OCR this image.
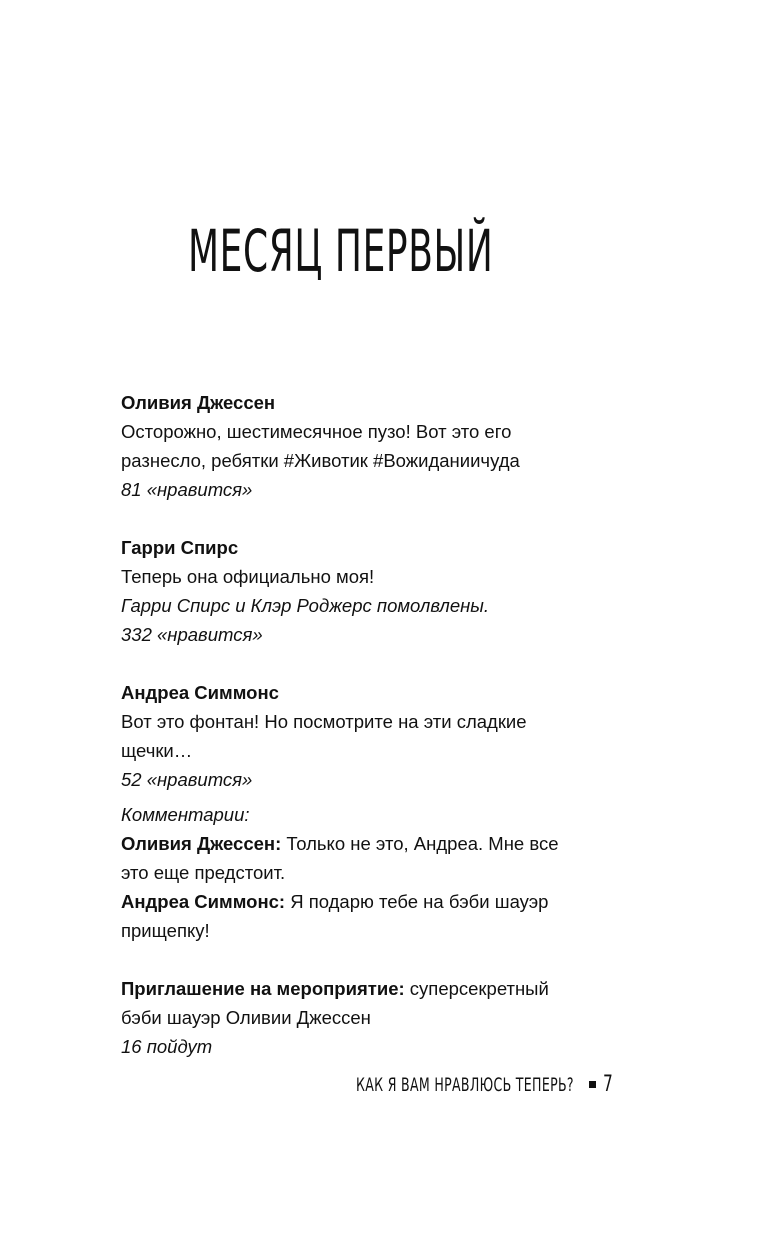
МЕСЯЦ ПЕРВЫЙ
Оливия Джессен
Осторожно, шестимесячное пузо! Вот это его
разнесло, ребятки #Животик #Вожиданиичуда
81 «нравится»
Гарри Спирс
Теперь она официально моя!
Гарри Спирс и Клэр Роджерс помолвлены.
332 «нравится»
Андреа Симмонс
Вот это фонтан! Но посмотрите на эти сладкие
щечки…
52 «нравится»
Комментарии:
Оливия Джессен: Только не это, Андреа. Мне все
это еще предстоит.
Андреа Симмонс: Я подарю тебе на бэби шауэр
прищепку!
Приглашение на мероприятие: суперсекретный
бэби шауэр Оливии Джессен
16 пойдут
КАК Я ВАМ НРАВЛЮСЬ ТЕПЕРЬ? 7
